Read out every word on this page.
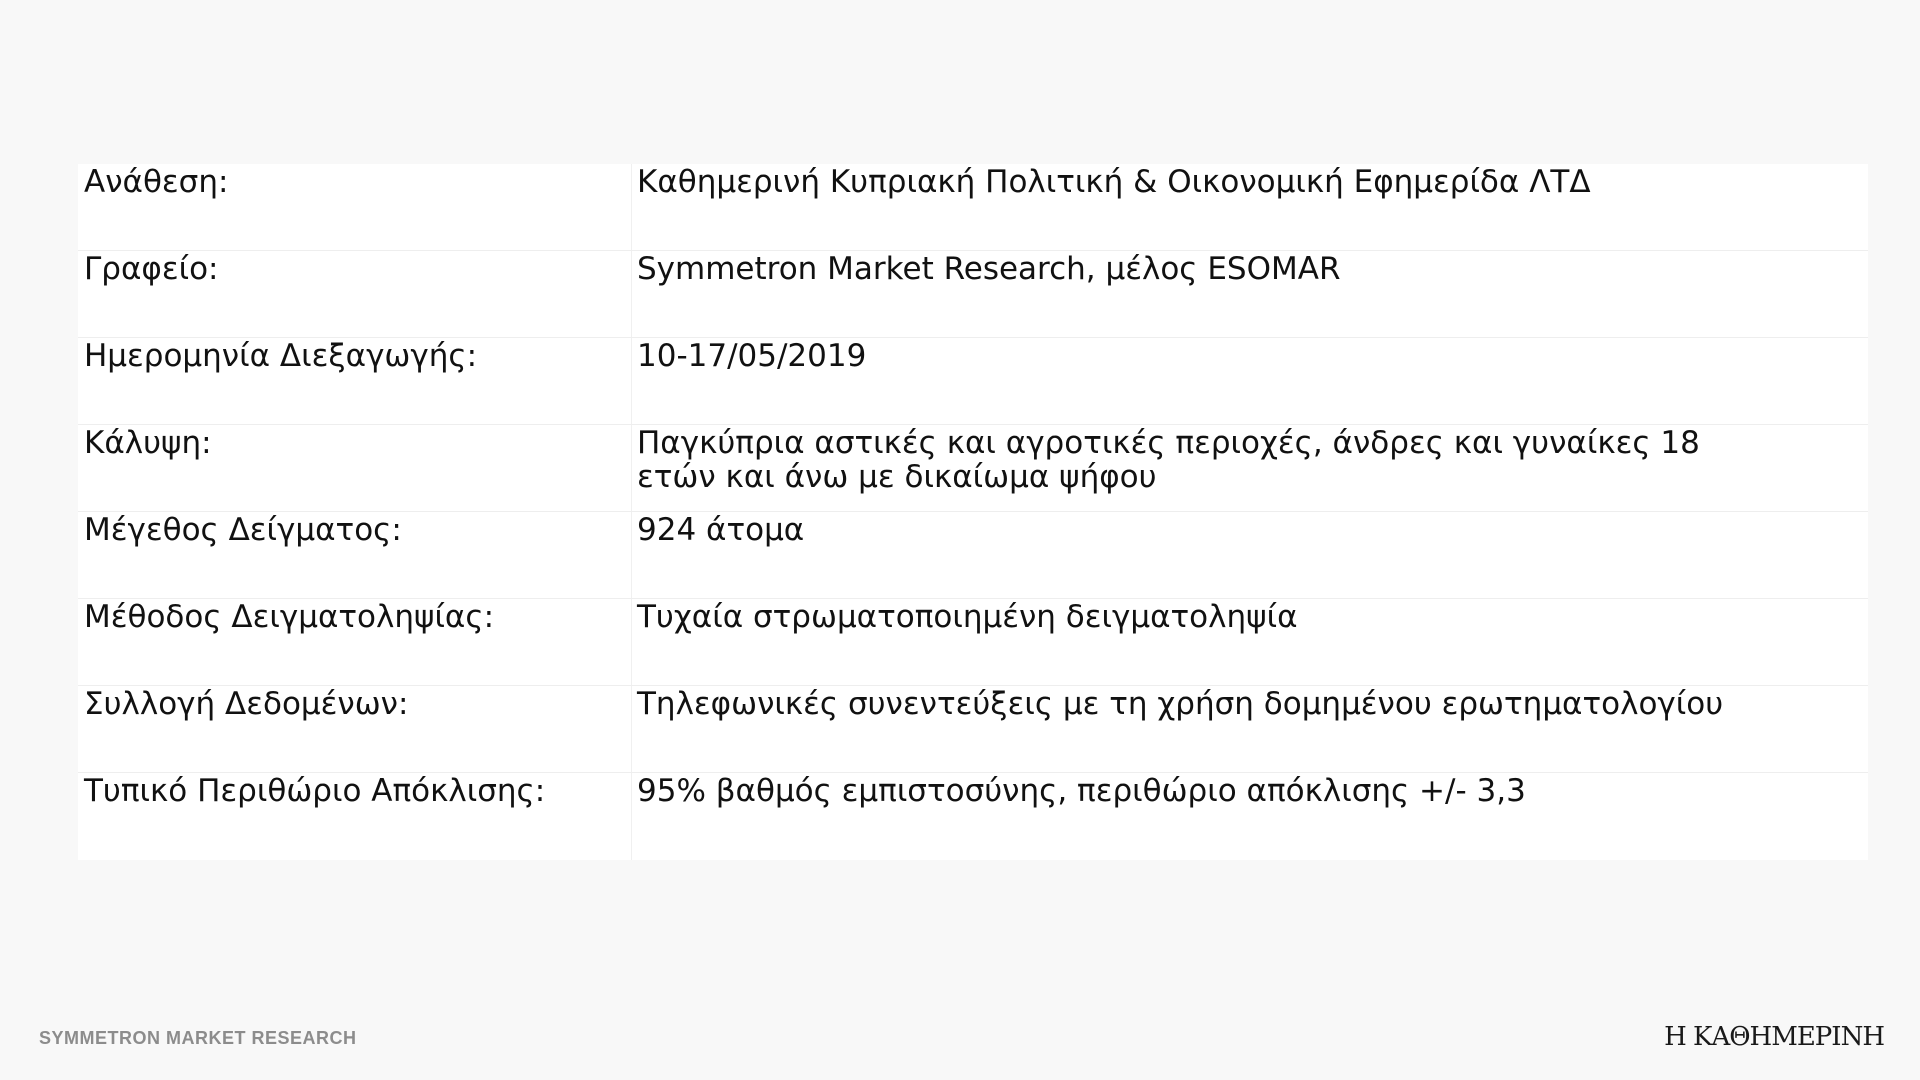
Ανάθεση:	Καθημερινή Κυπριακή Πολιτική & Οικονομική Εφημερίδα ΛΤΔ
Γραφείο:	Symmetron Market Research, μέλος ESOMAR
Ημερομηνία Διεξαγωγής:	10-17/05/2019
Κάλυψη:	Παγκύπρια αστικές και αγροτικές περιοχές, άνδρες και γυναίκες 18 ετών και άνω με δικαίωμα ψήφου
Μέγεθος Δείγματος:	924 άτομα
Μέθοδος Δειγματοληψίας:	Τυχαία στρωματοποιημένη δειγματοληψία
Συλλογή Δεδομένων:	Τηλεφωνικές συνεντεύξεις με τη χρήση δομημένου ερωτηματολογίου
Τυπικό Περιθώριο Απόκλισης:	95% βαθμός εμπιστοσύνης, περιθώριο απόκλισης +/- 3,3
SYMMETRON MARKET RESEARCH	Η ΚΑΘΗΜΕΡΙΝΗ
